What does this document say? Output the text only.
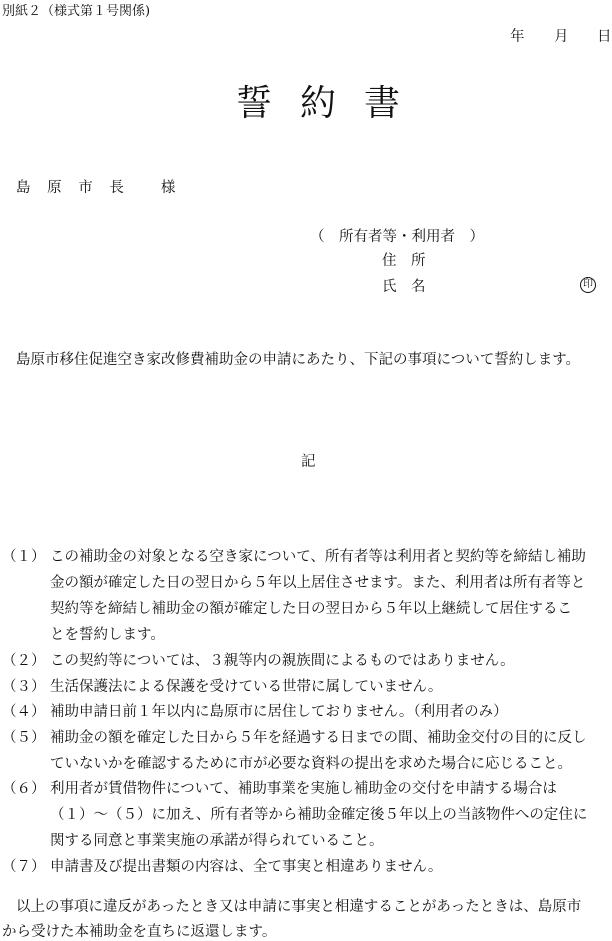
別紙２（様式第１号関係)
年 月 日
誓約書
島 原 市 長　 様
（　所有者等・利用者　）
住　所
氏　名	印
島原市移住促進空き家改修費補助金の申請にあたり、下記の事項について誓約します。
記
（１） この補助金の対象となる空き家について、所有者等は利用者と契約等を締結し補助
金の額が確定した日の翌日から５年以上居住させます。また、利用者は所有者等と
契約等を締結し補助金の額が確定した日の翌日から５年以上継続して居住するこ
とを誓約します。
（２） この契約等については、３親等内の親族間によるものではありません。
（３） 生活保護法による保護を受けている世帯に属していません。
（４） 補助申請日前１年以内に島原市に居住しておりません。（利用者のみ）
（５） 補助金の額を確定した日から５年を経過する日までの間、補助金交付の目的に反し
ていないかを確認するために市が必要な資料の提出を求めた場合に応じること。
（６） 利用者が賃借物件について、補助事業を実施し補助金の交付を申請する場合は
（１）～（５）に加え、所有者等から補助金確定後５年以上の当該物件への定住に
関する同意と事業実施の承諾が得られていること。
（７） 申請書及び提出書類の内容は、全て事実と相違ありません。
以上の事項に違反があったとき又は申請に事実と相違することがあったときは、島原市
から受けた本補助金を直ちに返還します。
